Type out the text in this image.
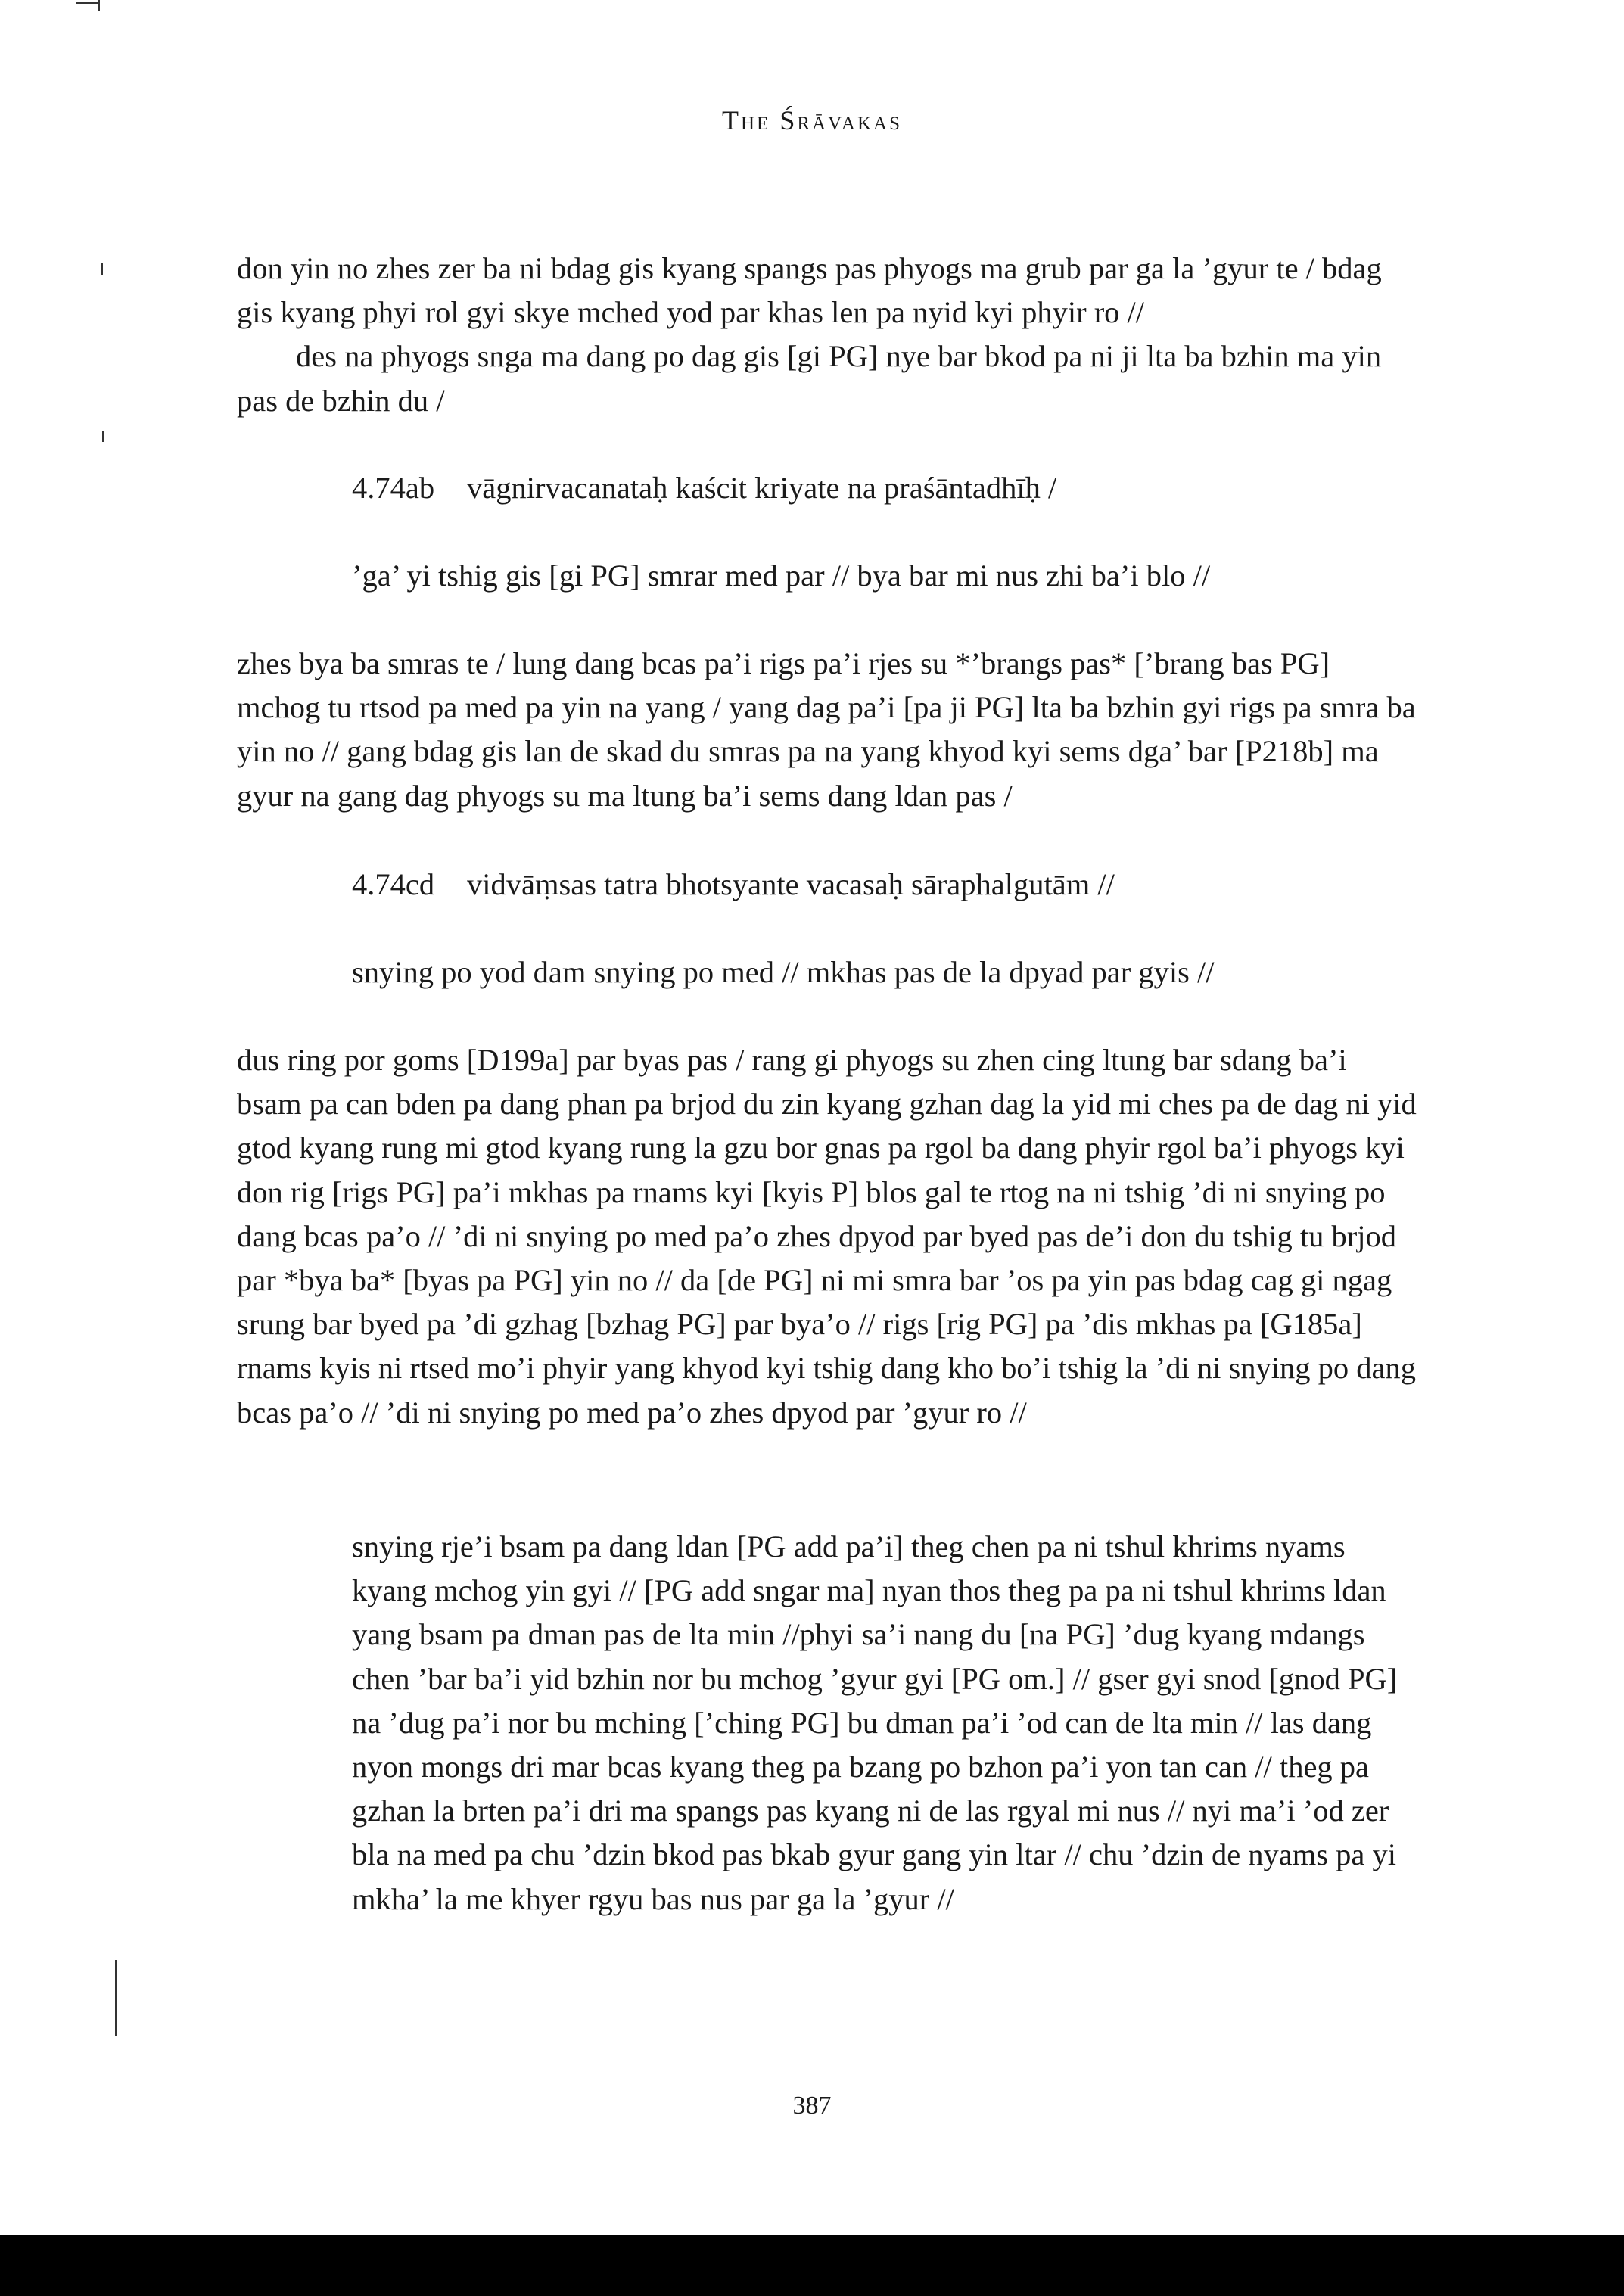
The Śrāvakas

don yin no zhes zer ba ni bdag gis kyang spangs pas phyogs ma grub par ga la ’gyur te / bdag gis kyang phyi rol gyi skye mched yod par khas len pa nyid kyi phyir ro //

des na phyogs snga ma dang po dag gis [gi PG] nye bar bkod pa ni ji lta ba bzhin ma yin pas de bzhin du /

4.74ab vāgnirvacanataḥ kaścit kriyate na praśāntadhīḥ /
’ga’ yi tshig gis [gi PG] smrar med par // bya bar mi nus zhi ba’i blo //

zhes bya ba smras te / lung dang bcas pa’i rigs pa’i rjes su *’brangs pas* [’brang bas PG] mchog tu rtsod pa med pa yin na yang / yang dag pa’i [pa ji PG] lta ba bzhin gyi rigs pa smra ba yin no // gang bdag gis lan de skad du smras pa na yang khyod kyi sems dga’ bar [P218b] ma gyur na gang dag phyogs su ma ltung ba’i sems dang ldan pas /

4.74cd vidvāṃsas tatra bhotsyante vacasaḥ sāraphalgutām //
snying po yod dam snying po med // mkhas pas de la dpyad par gyis //

dus ring por goms [D199a] par byas pas / rang gi phyogs su zhen cing ltung bar sdang ba’i bsam pa can bden pa dang phan pa brjod du zin kyang gzhan dag la yid mi ches pa de dag ni yid gtod kyang rung mi gtod kyang rung la gzu bor gnas pa rgol ba dang phyir rgol ba’i phyogs kyi don rig [rigs PG] pa’i mkhas pa rnams kyi [kyis P] blos gal te rtog na ni tshig ’di ni snying po dang bcas pa’o // ’di ni snying po med pa’o zhes dpyod par byed pas de’i don du tshig tu brjod par *bya ba* [byas pa PG] yin no // da [de PG] ni mi smra bar ’os pa yin pas bdag cag gi ngag srung bar byed pa ’di gzhag [bzhag PG] par bya’o // rigs [rig PG] pa ’dis mkhas pa [G185a] rnams kyis ni rtsed mo’i phyir yang khyod kyi tshig dang kho bo’i tshig la ’di ni snying po dang bcas pa’o // ’di ni snying po med pa’o zhes dpyod par ’gyur ro //

snying rje’i bsam pa dang ldan [PG add pa’i] theg chen pa ni tshul khrims nyams kyang mchog yin gyi // [PG add sngar ma] nyan thos theg pa pa ni tshul khrims ldan yang bsam pa dman pas de lta min //phyi sa’i nang du [na PG] ’dug kyang mdangs chen ’bar ba’i yid bzhin nor bu mchog ’gyur gyi [PG om.] // gser gyi snod [gnod PG] na ’dug pa’i nor bu mching [’ching PG] bu dman pa’i ’od can de lta min // las dang nyon mongs dri mar bcas kyang theg pa bzang po bzhon pa’i yon tan can // theg pa gzhan la brten pa’i dri ma spangs pas kyang ni de las rgyal mi nus // nyi ma’i ’od zer bla na med pa chu ’dzin bkod pas bkab gyur gang yin ltar // chu ’dzin de nyams pa yi mkha’ la me khyer rgyu bas nus par ga la ’gyur //

387
